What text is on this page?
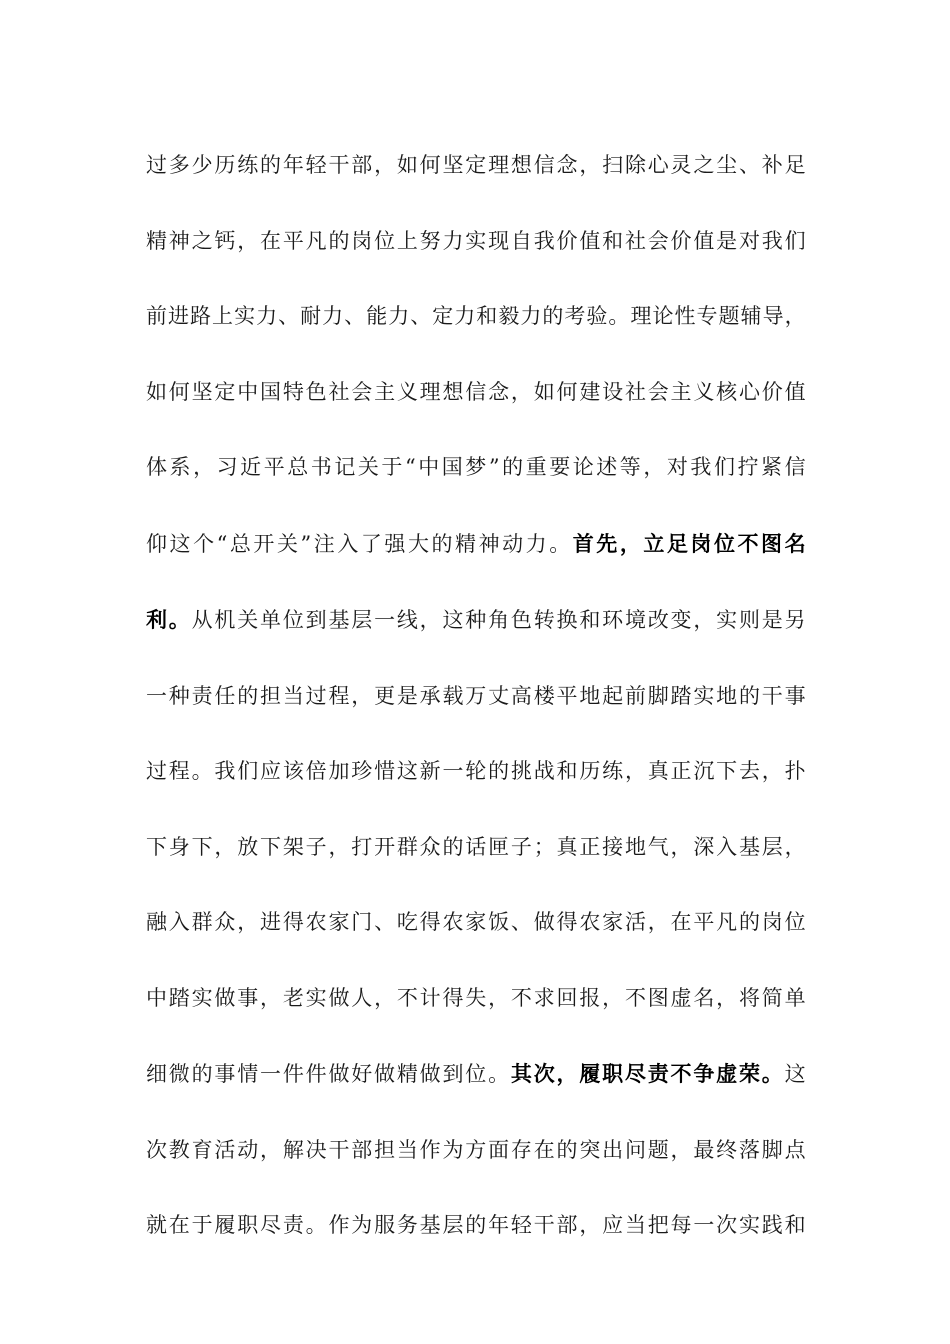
过多少历练的年轻干部，如何坚定理想信念，扫除心灵之尘、补足
精神之钙，在平凡的岗位上努力实现自我价值和社会价值是对我们
前进路上实力、耐力、能力、定力和毅力的考验。理论性专题辅导，
如何坚定中国特色社会主义理想信念，如何建设社会主义核心价值
体系，习近平总书记关于“中国梦”的重要论述等，对我们拧紧信
仰这个“总开关”注入了强大的精神动力。首先，立足岗位不图名
利。从机关单位到基层一线，这种角色转换和环境改变，实则是另
一种责任的担当过程，更是承载万丈高楼平地起前脚踏实地的干事
过程。我们应该倍加珍惜这新一轮的挑战和历练，真正沉下去，扑
下身下，放下架子，打开群众的话匣子；真正接地气，深入基层，
融入群众，进得农家门、吃得农家饭、做得农家活，在平凡的岗位
中踏实做事，老实做人，不计得失，不求回报，不图虚名，将简单
细微的事情一件件做好做精做到位。其次，履职尽责不争虚荣。这
次教育活动，解决干部担当作为方面存在的突出问题，最终落脚点
就在于履职尽责。作为服务基层的年轻干部，应当把每一次实践和
